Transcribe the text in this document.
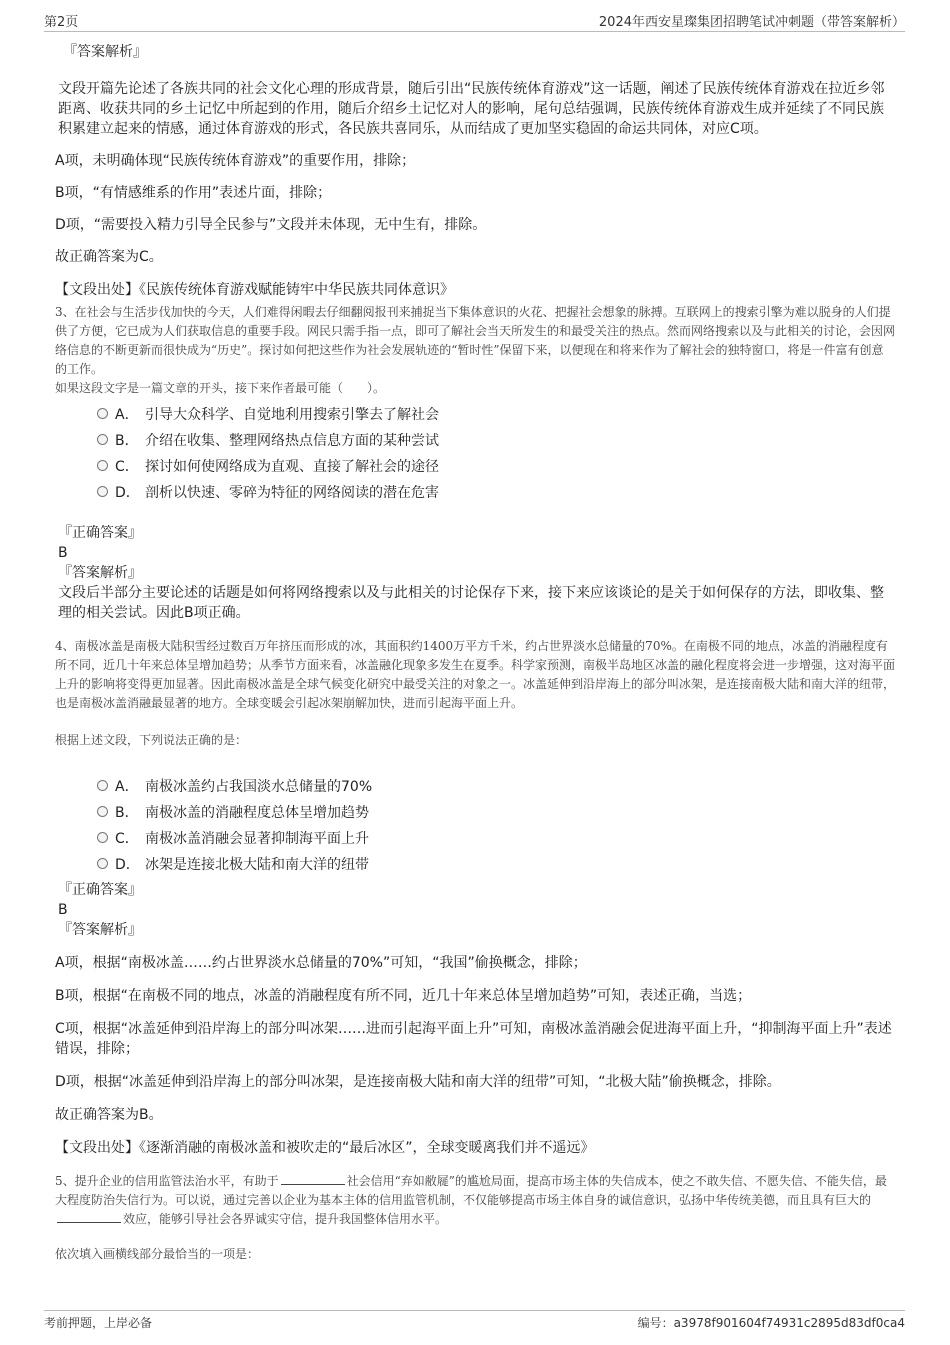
第2页	2024年西安星璨集团招聘笔试冲刺题（带答案解析）

『答案解析』

文段开篇先论述了各族共同的社会文化心理的形成背景，随后引出“民族传统体育游戏”这一话题，阐述了民族传统体育游戏在拉近乡邻距离、收获共同的乡土记忆中所起到的作用，随后介绍乡土记忆对人的影响，尾句总结强调，民族传统体育游戏生成并延续了不同民族积累建立起来的情感，通过体育游戏的形式，各民族共喜同乐，从而结成了更加坚实稳固的命运共同体，对应C项。

A项，未明确体现“民族传统体育游戏”的重要作用，排除；

B项，“有情感维系的作用”表述片面，排除；

D项，“需要投入精力引导全民参与”文段并未体现，无中生有，排除。

故正确答案为C。

【文段出处】《民族传统体育游戏赋能铸牢中华民族共同体意识》

3、在社会与生活步伐加快的今天，人们难得闲暇去仔细翻阅报刊来捕捉当下集体意识的火花、把握社会想象的脉搏。互联网上的搜索引擎为难以脱身的人们提供了方便，它已成为人们获取信息的重要手段。网民只需手指一点，即可了解社会当天所发生的和最受关注的热点。然而网络搜索以及与此相关的讨论，会因网络信息的不断更新而很快成为“历史”。探讨如何把这些作为社会发展轨迹的“暂时性”保留下来，以便现在和将来作为了解社会的独特窗口，将是一件富有创意的工作。

如果这段文字是一篇文章的开头，接下来作者最可能（　　）。

A． 引导大众科学、自觉地利用搜索引擎去了解社会
B． 介绍在收集、整理网络热点信息方面的某种尝试
C． 探讨如何使网络成为直观、直接了解社会的途径
D． 剖析以快速、零碎为特征的网络阅读的潜在危害

『正确答案』

B

『答案解析』

文段后半部分主要论述的话题是如何将网络搜索以及与此相关的讨论保存下来，接下来应该谈论的是关于如何保存的方法，即收集、整理的相关尝试。因此B项正确。

4、南极冰盖是南极大陆积雪经过数百万年挤压而形成的冰，其面积约1400万平方千米，约占世界淡水总储量的70%。在南极不同的地点，冰盖的消融程度有所不同，近几十年来总体呈增加趋势；从季节方面来看，冰盖融化现象多发生在夏季。科学家预测，南极半岛地区冰盖的融化程度将会进一步增强，这对海平面上升的影响将变得更加显著。因此南极冰盖是全球气候变化研究中最受关注的对象之一。冰盖延伸到沿岸海上的部分叫冰架，是连接南极大陆和南大洋的纽带，也是南极冰盖消融最显著的地方。全球变暖会引起冰架崩解加快，进而引起海平面上升。

根据上述文段，下列说法正确的是：

A． 南极冰盖约占我国淡水总储量的70%
B． 南极冰盖的消融程度总体呈增加趋势
C． 南极冰盖消融会显著抑制海平面上升
D． 冰架是连接北极大陆和南大洋的纽带

『正确答案』

B

『答案解析』

A项，根据“南极冰盖……约占世界淡水总储量的70%”可知，“我国”偷换概念，排除；

B项，根据“在南极不同的地点，冰盖的消融程度有所不同，近几十年来总体呈增加趋势”可知，表述正确，当选；

C项，根据“冰盖延伸到沿岸海上的部分叫冰架……进而引起海平面上升”可知，南极冰盖消融会促进海平面上升，“抑制海平面上升”表述错误，排除；

D项，根据“冰盖延伸到沿岸海上的部分叫冰架，是连接南极大陆和南大洋的纽带”可知，“北极大陆”偷换概念，排除。

故正确答案为B。

【文段出处】《逐渐消融的南极冰盖和被吹走的“最后冰区”，全球变暖离我们并不遥远》

5、提升企业的信用监管法治水平，有助于	社会信用“弃如敝屣”的尴尬局面，提高市场主体的失信成本，使之不敢失信、不愿失信、不能失信，最大程度防治失信行为。可以说，通过完善以企业为基本主体的信用监管机制，不仅能够提高市场主体自身的诚信意识，弘扬中华传统美德，而且具有巨大的效应，能够引导社会各界诚实守信，提升我国整体信用水平。

依次填入画横线部分最恰当的一项是：

考前押题，上岸必备	编号：a3978f901604f74931c2895d83df0ca4
